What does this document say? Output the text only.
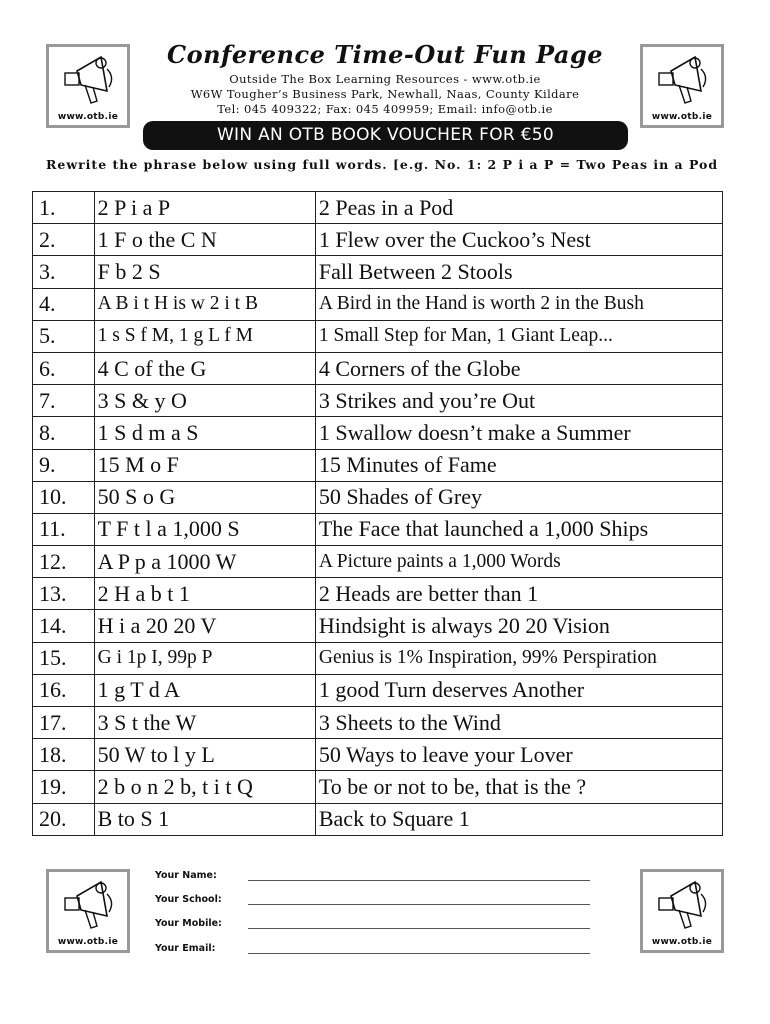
www.otb.ie	www.otb.ie
Conference Time-Out Fun Page
Outside The Box Learning Resources - www.otb.ie
W6W Tougher’s Business Park, Newhall, Naas, County Kildare
Tel: 045 409322; Fax: 045 409959; Email: info@otb.ie
WIN AN OTB BOOK VOUCHER FOR €50
Rewrite the phrase below using full words. [e.g. No. 1: 2 P i a P = Two Peas in a Pod
1.	2 P i a P	2 Peas in a Pod
2.	1 F o the C N	1 Flew over the Cuckoo’s Nest
3.	F b 2 S	Fall Between 2 Stools
4.	A B i t H is w 2 i t B	A Bird in the Hand is worth 2 in the Bush
5.	1 s S f M, 1 g L f M	1 Small Step for Man, 1 Giant Leap...
6.	4 C of the G	4 Corners of the Globe
7.	3 S & y O	3 Strikes and you’re Out
8.	1 S d m a S	1 Swallow doesn’t make a Summer
9.	15 M o F	15 Minutes of Fame
10.	50 S o G	50 Shades of Grey
11.	T F t l a 1,000 S	The Face that launched a 1,000 Ships
12.	A P p a 1000 W	A Picture paints a 1,000 Words
13.	2 H a b t 1	2 Heads are better than 1
14.	H i a 20 20 V	Hindsight is always 20 20 Vision
15.	G i 1p I, 99p P	Genius is 1% Inspiration, 99% Perspiration
16.	1 g T d A	1 good Turn deserves Another
17.	3 S t the W	3 Sheets to the Wind
18.	50 W to l y L	50 Ways to leave your Lover
19.	2 b o n 2 b, t i t Q	To be or not to be, that is the ?
20.	B to S 1	Back to Square 1
www.otb.ie	www.otb.ie
Your Name:
Your School:
Your Mobile:
Your Email:
